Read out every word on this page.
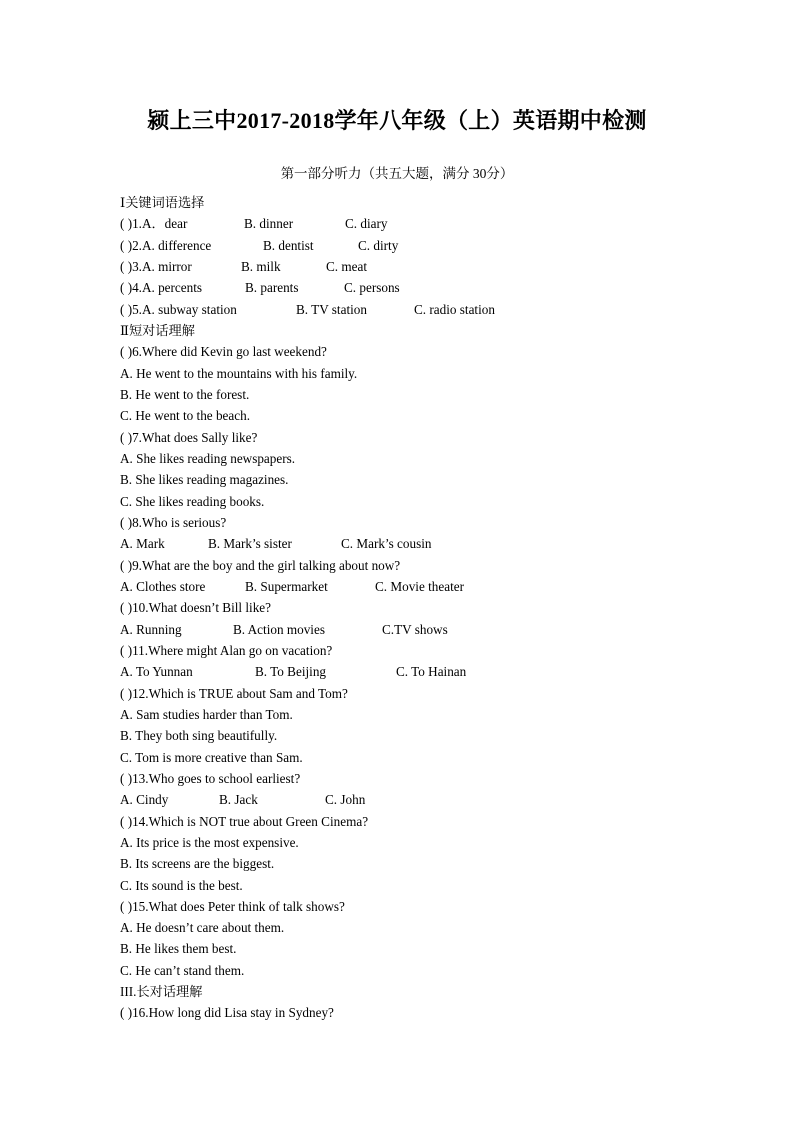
颍上三中2017-2018学年八年级（上）英语期中检测

第一部分听力（共五大题，满分 30分）

Ⅰ关键词语选择
( )1.A．dear	B. dinner	C. diary
( )2.A. difference	B. dentist	C. dirty
( )3.A. mirror	B. milk	C. meat
( )4.A. percents	B. parents	C. persons
( )5.A. subway station	B. TV station	C. radio station
Ⅱ短对话理解
( )6.Where did Kevin go last weekend?
A. He went to the mountains with his family.
B. He went to the forest.
C. He went to the beach.
( )7.What does Sally like?
A. She likes reading newspapers.
B. She likes reading magazines.
C. She likes reading books.
( )8.Who is serious?
A. Mark	B. Mark’s sister	C. Mark’s cousin
( )9.What are the boy and the girl talking about now?
A. Clothes store	B. Supermarket	C. Movie theater
( )10.What doesn’t Bill like?
A. Running	B. Action movies	C.TV shows
( )11.Where might Alan go on vacation?
A. To Yunnan	B. To Beijing	C. To Hainan
( )12.Which is TRUE about Sam and Tom?
A. Sam studies harder than Tom.
B. They both sing beautifully.
C. Tom is more creative than Sam.
( )13.Who goes to school earliest?
A. Cindy	B. Jack	C. John
( )14.Which is NOT true about Green Cinema?
A. Its price is the most expensive.
B. Its screens are the biggest.
C. Its sound is the best.
( )15.What does Peter think of talk shows?
A. He doesn’t care about them.
B. He likes them best.
C. He can’t stand them.
III.长对话理解
( )16.How long did Lisa stay in Sydney?
